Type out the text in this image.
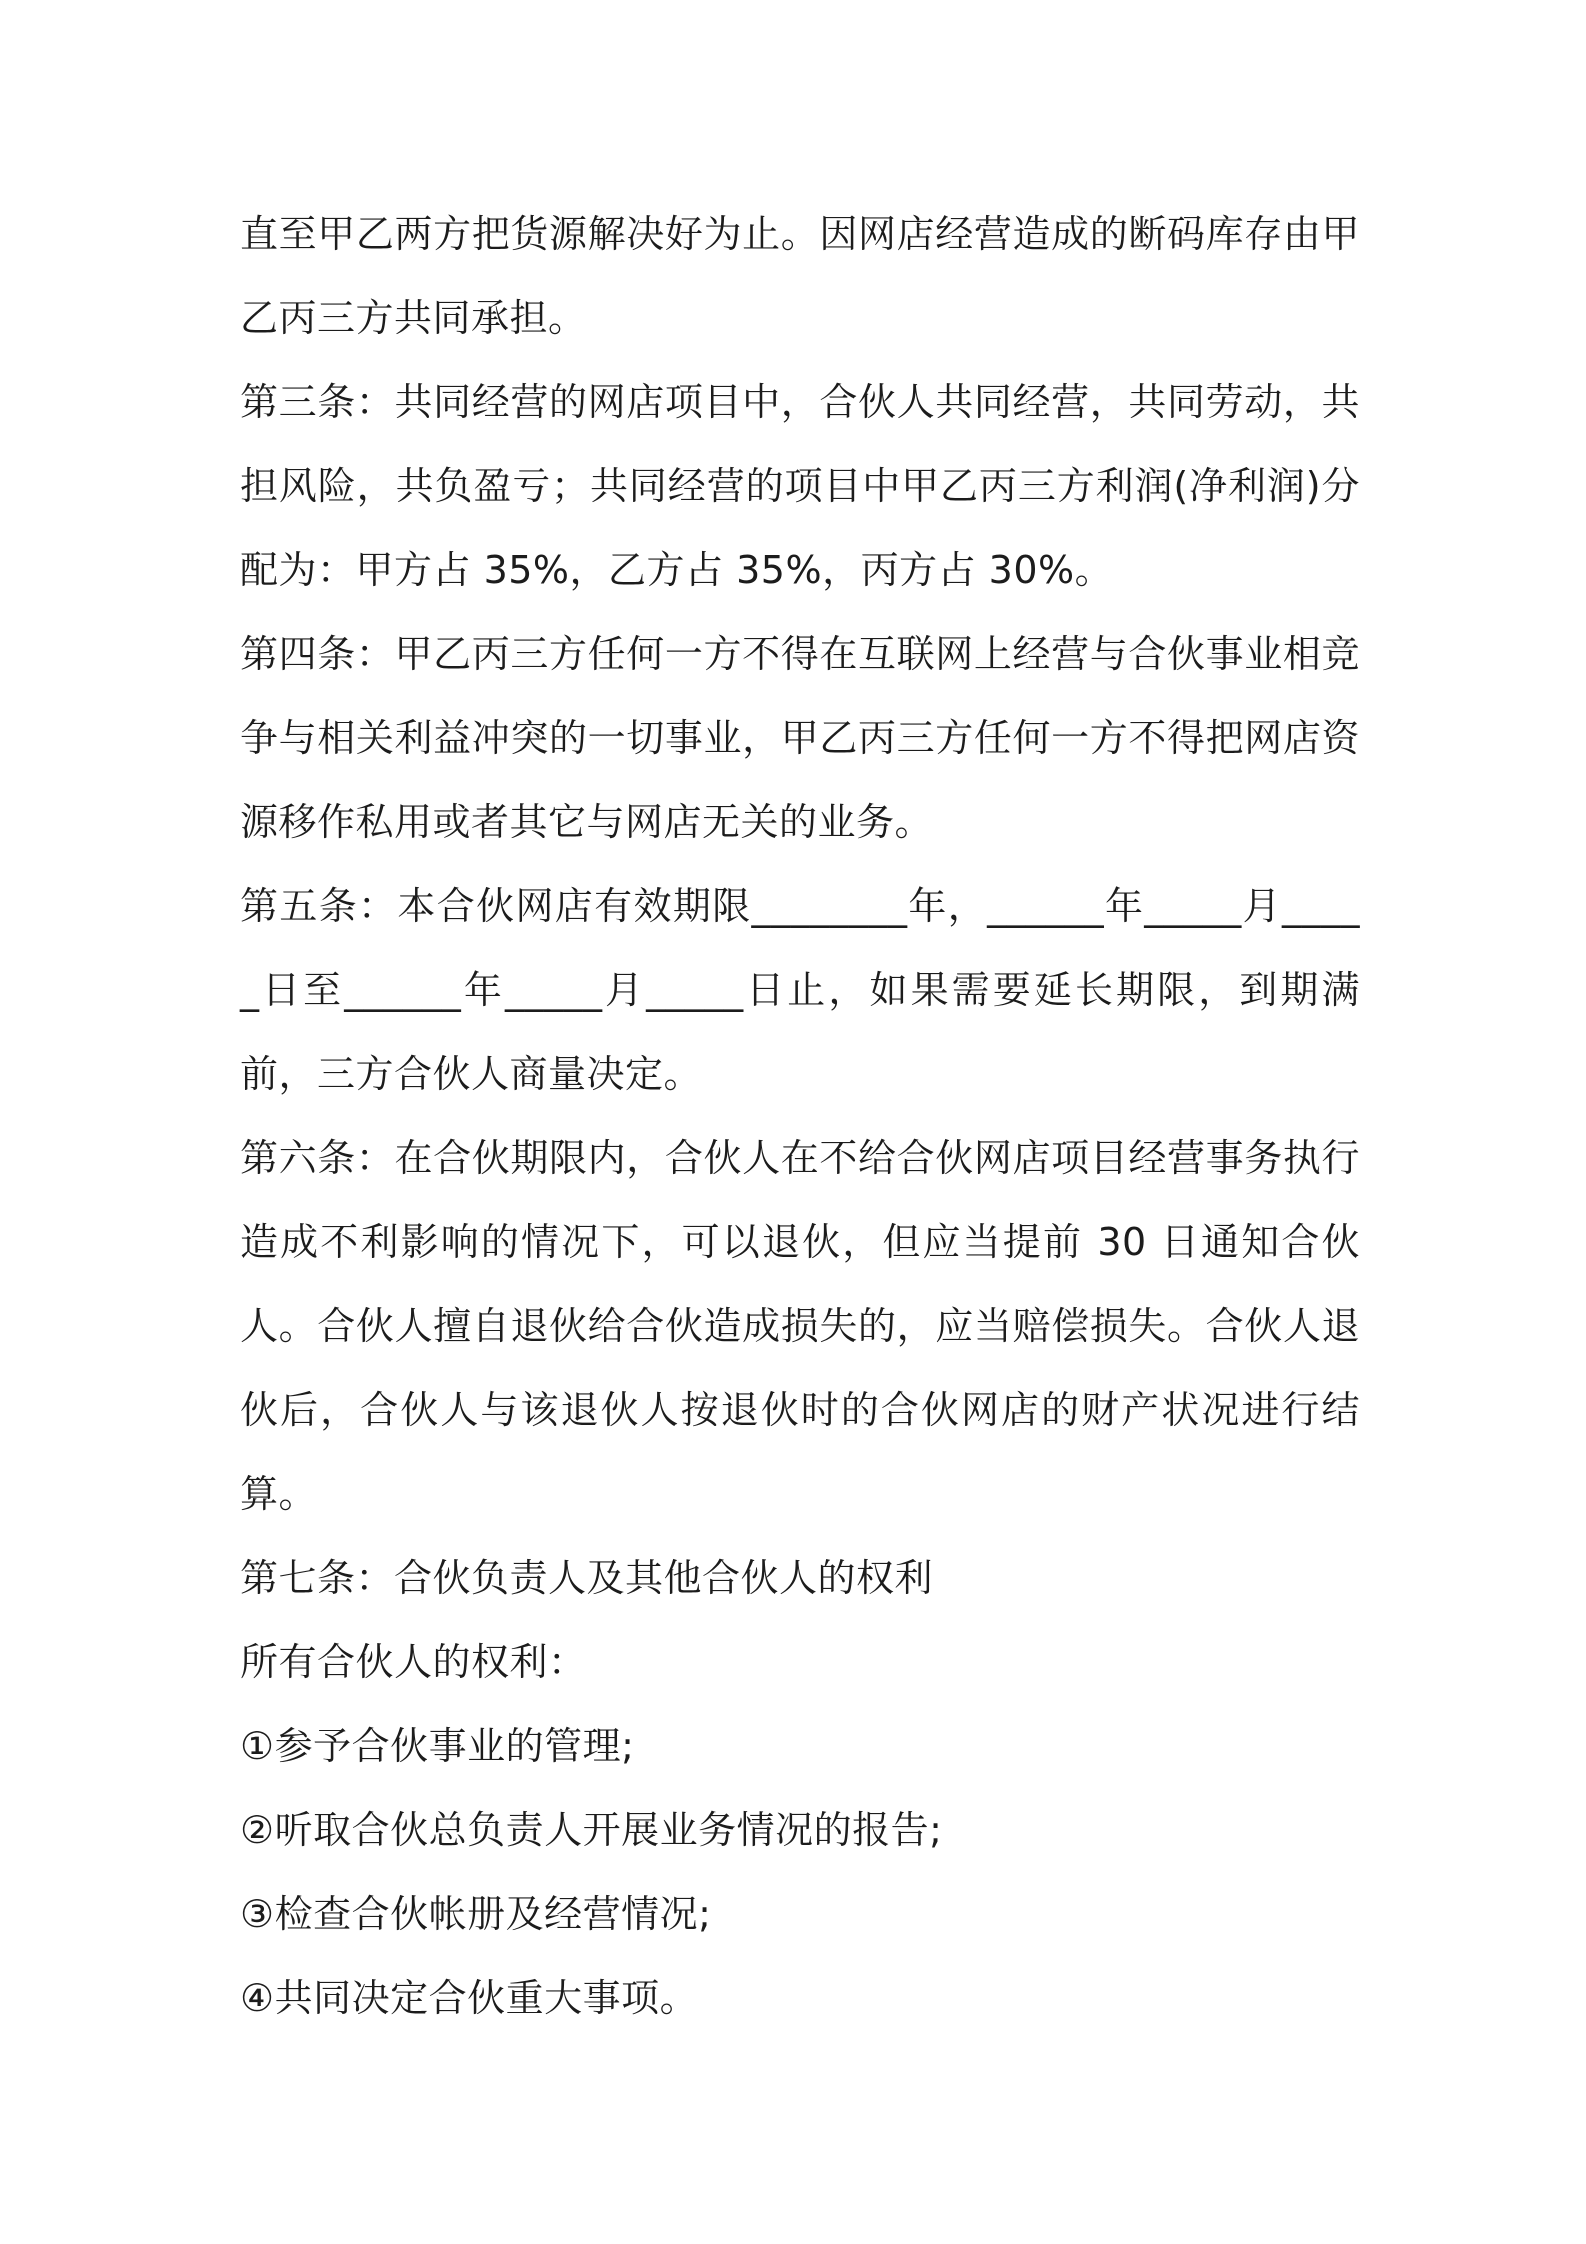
直至甲乙两方把货源解决好为止。因网店经营造成的断码库存由甲乙丙三方共同承担。

第三条：共同经营的网店项目中，合伙人共同经营，共同劳动，共担风险，共负盈亏；共同经营的项目中甲乙丙三方利润(净利润)分配为：甲方占 35%，乙方占 35%，丙方占 30%。

第四条：甲乙丙三方任何一方不得在互联网上经营与合伙事业相竞争与相关利益冲突的一切事业，甲乙丙三方任何一方不得把网店资源移作私用或者其它与网店无关的业务。

第五条：本合伙网店有效期限________年，______年_____月_____日至______年_____月_____日止，如果需要延长期限，到期满前，三方合伙人商量决定。

第六条：在合伙期限内，合伙人在不给合伙网店项目经营事务执行造成不利影响的情况下，可以退伙，但应当提前 30 日通知合伙人。合伙人擅自退伙给合伙造成损失的，应当赔偿损失。合伙人退伙后，合伙人与该退伙人按退伙时的合伙网店的财产状况进行结算。

第七条：合伙负责人及其他合伙人的权利

所有合伙人的权利：

①参予合伙事业的管理;

②听取合伙总负责人开展业务情况的报告;

③检查合伙帐册及经营情况;

④共同决定合伙重大事项。
